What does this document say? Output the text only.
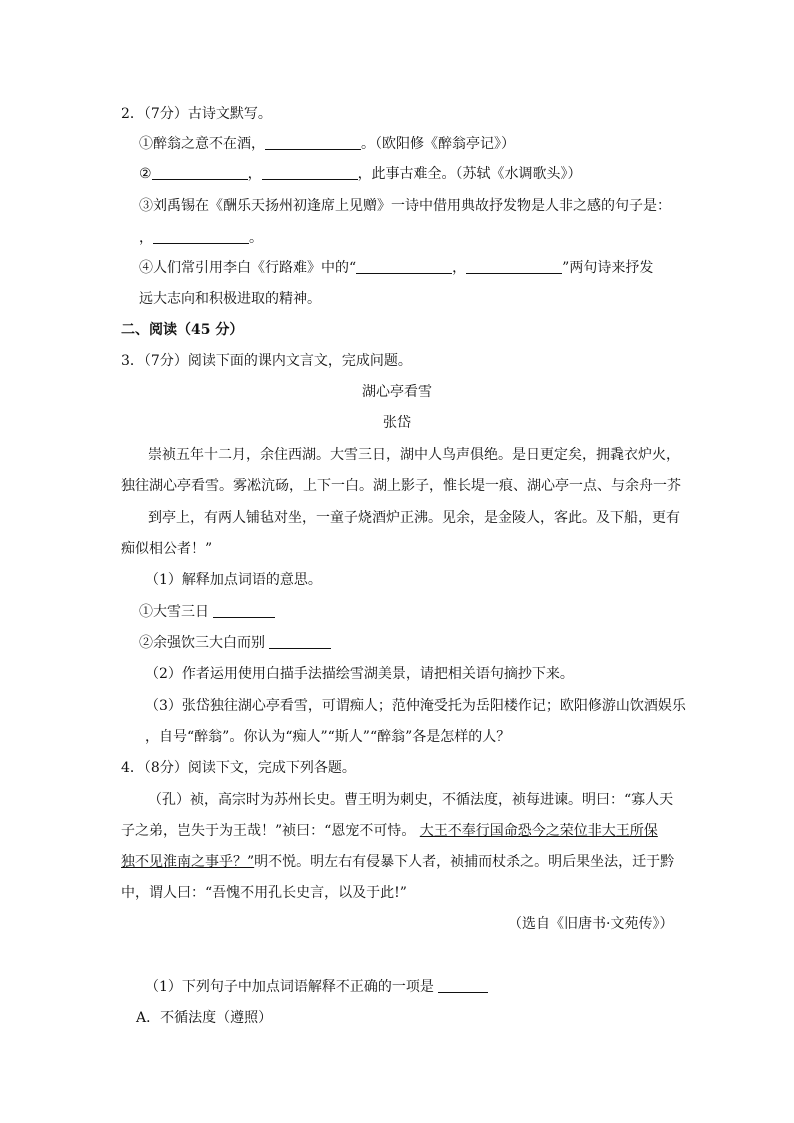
2．（7分）古诗文默写。
①醉翁之意不在酒，	。（欧阳修《醉翁亭记》）
②	，	，此事古难全。（苏轼《水调歌头》）
③刘禹锡在《酬乐天扬州初逢席上见赠》一诗中借用典故抒发物是人非之感的句子是：
，	。
④人们常引用李白《行路难》中的“	，	”两句诗来抒发
远大志向和积极进取的精神。
二、阅读（45 分）
3．（7分）阅读下面的课内文言文，完成问题。
湖心亭看雪
张岱
崇祯五年十二月，余住西湖。大雪三日，湖中人鸟声俱绝。是日更定矣，拥毳衣炉火，
独往湖心亭看雪。雾凇沆砀，上下一白。湖上影子，惟长堤一痕、湖心亭一点、与余舟一芥
到亭上，有两人铺毡对坐，一童子烧酒炉正沸。见余，是金陵人，客此。及下船，更有
痴似相公者！”
（1）解释加点词语的意思。
①大雪三日
②余强饮三大白而别
（2）作者运用使用白描手法描绘雪湖美景，请把相关语句摘抄下来。
（3）张岱独往湖心亭看雪，可谓痴人；范仲淹受托为岳阳楼作记；欧阳修游山饮酒娱乐
，自号“醉翁”。你认为“痴人”“斯人”“醉翁”各是怎样的人？
4．（8分）阅读下文，完成下列各题。
（孔）祯，高宗时为苏州长史。曹王明为刺史，不循法度，祯每进谏。明曰：“寡人天
子之弟，岂失于为王哉！”祯曰：“恩宠不可恃。 大王不奉行国命恐今之荣位非大王所保
独不见淮南之事乎？”明不悦。明左右有侵暴下人者，祯捕而杖杀之。明后果坐法，迁于黔
中，谓人曰：“吾愧不用孔长史言，以及于此!”
（选自《旧唐书·文苑传》）
（1）下列句子中加点词语解释不正确的一项是
A．不循法度（遵照）
